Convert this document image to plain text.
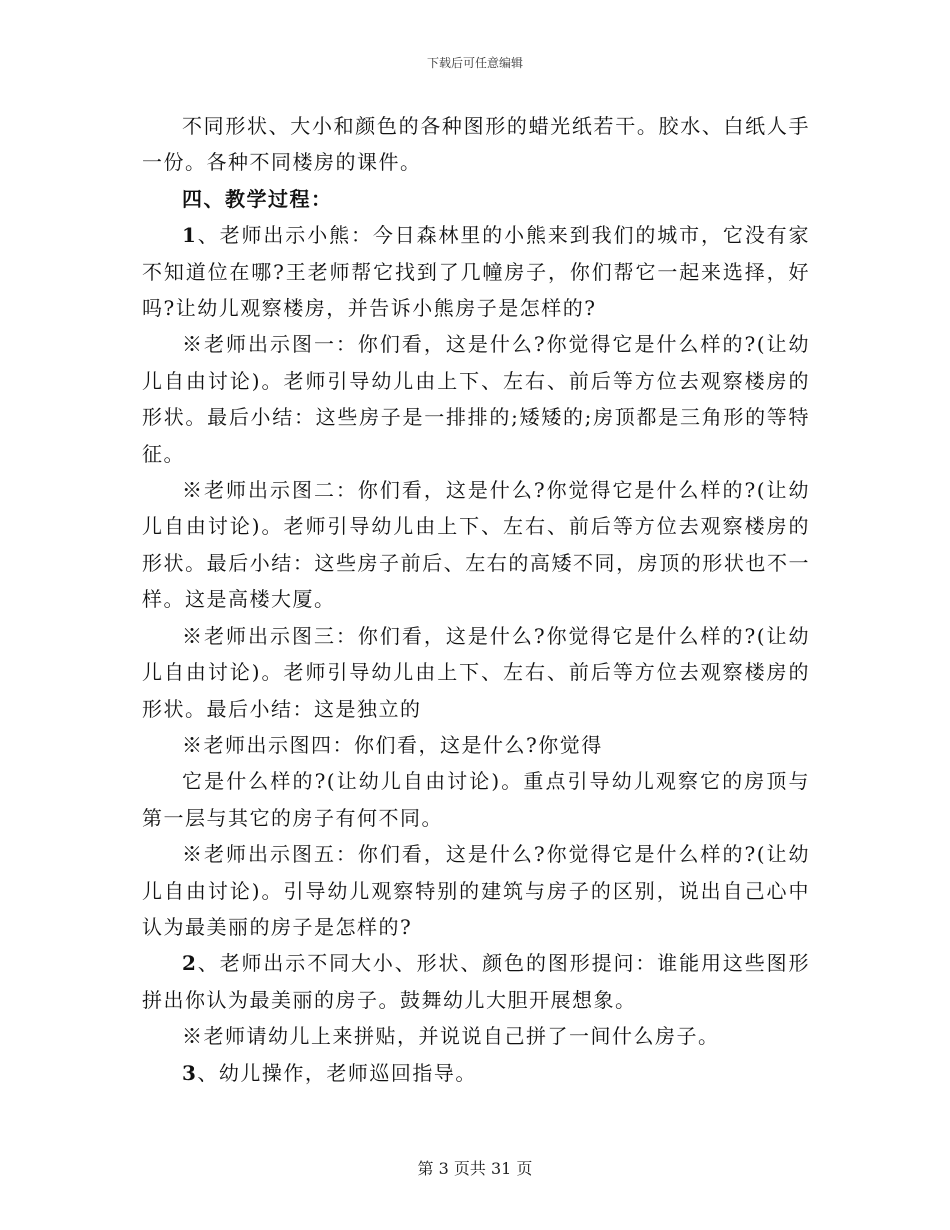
下载后可任意编辑

不同形状、大小和颜色的各种图形的蜡光纸若干。胶水、白纸人手一份。各种不同楼房的课件。

四、教学过程：

1、老师出示小熊：今日森林里的小熊来到我们的城市，它没有家不知道位在哪?王老师帮它找到了几幢房子，你们帮它一起来选择，好吗?让幼儿观察楼房，并告诉小熊房子是怎样的?

※老师出示图一：你们看，这是什么?你觉得它是什么样的?(让幼儿自由讨论)。老师引导幼儿由上下、左右、前后等方位去观察楼房的形状。最后小结：这些房子是一排排的;矮矮的;房顶都是三角形的等特征。

※老师出示图二：你们看，这是什么?你觉得它是什么样的?(让幼儿自由讨论)。老师引导幼儿由上下、左右、前后等方位去观察楼房的形状。最后小结：这些房子前后、左右的高矮不同，房顶的形状也不一样。这是高楼大厦。

※老师出示图三：你们看，这是什么?你觉得它是什么样的?(让幼儿自由讨论)。老师引导幼儿由上下、左右、前后等方位去观察楼房的形状。最后小结：这是独立的

※老师出示图四：你们看，这是什么?你觉得

它是什么样的?(让幼儿自由讨论)。重点引导幼儿观察它的房顶与第一层与其它的房子有何不同。

※老师出示图五：你们看，这是什么?你觉得它是什么样的?(让幼儿自由讨论)。引导幼儿观察特别的建筑与房子的区别，说出自己心中认为最美丽的房子是怎样的?

2、老师出示不同大小、形状、颜色的图形提问：谁能用这些图形拼出你认为最美丽的房子。鼓舞幼儿大胆开展想象。

※老师请幼儿上来拼贴，并说说自己拼了一间什么房子。

3、幼儿操作，老师巡回指导。

第 3 页共 31 页
